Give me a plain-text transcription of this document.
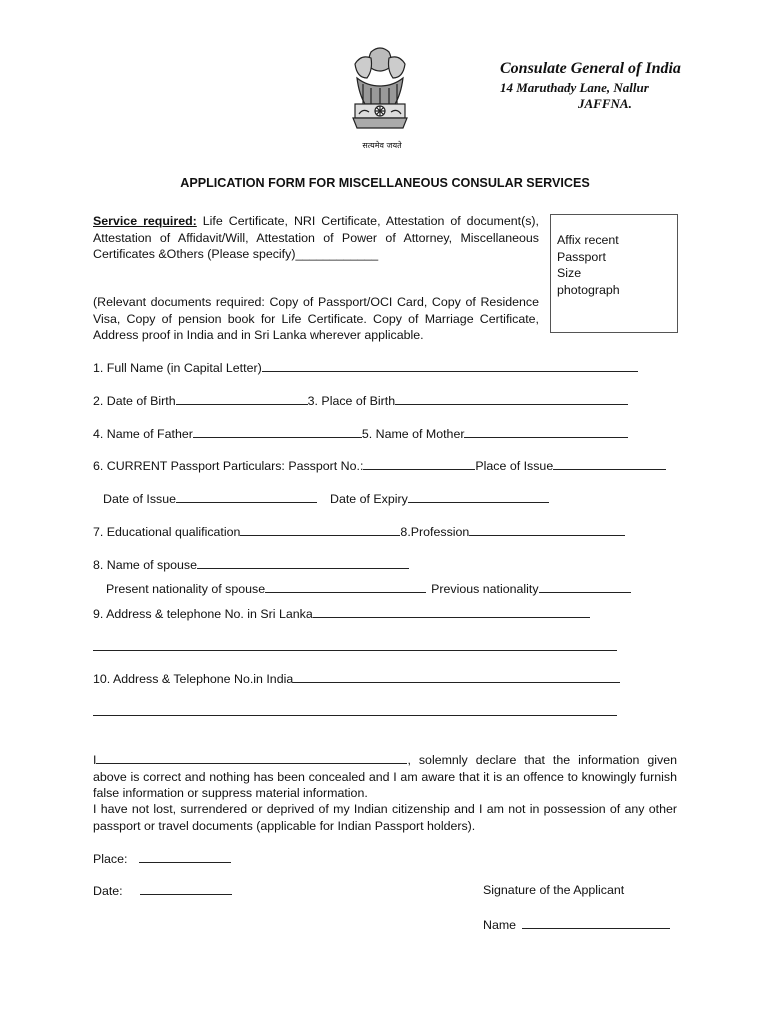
सत्यमेव जयते
Consulate General of India
14 Maruthady Lane, Nallur
JAFFNA.
APPLICATION FORM FOR MISCELLANEOUS CONSULAR SERVICES
Service required: Life Certificate, NRI Certificate, Attestation of document(s), Attestation of Affidavit/Will, Attestation of Power of Attorney, Miscellaneous Certificates &Others (Please specify)____________
(Relevant documents required: Copy of Passport/OCI Card, Copy of Residence Visa, Copy of pension book for Life Certificate. Copy of Marriage Certificate, Address proof in India and in Sri Lanka wherever applicable.
Affix recent
Passport
Size
photograph
1. Full Name (in Capital Letter)
2. Date of Birth	3. Place of Birth
4. Name of Father	5. Name of Mother
6. CURRENT Passport Particulars: Passport No.:	Place of Issue
Date of Issue	Date of Expiry
7. Educational qualification	8.Profession
8. Name of spouse
Present nationality of spouse	Previous nationality
9. Address & telephone No. in Sri Lanka
10. Address & Telephone No.in India
I	, solemnly declare that the information given above is correct and nothing has been concealed and I am aware that it is an offence to knowingly furnish false information or suppress material information.
I have not lost, surrendered or deprived of my Indian citizenship and I am not in possession of any other passport or travel documents (applicable for Indian Passport holders).
Place:
Date:	Signature of the Applicant
Name
